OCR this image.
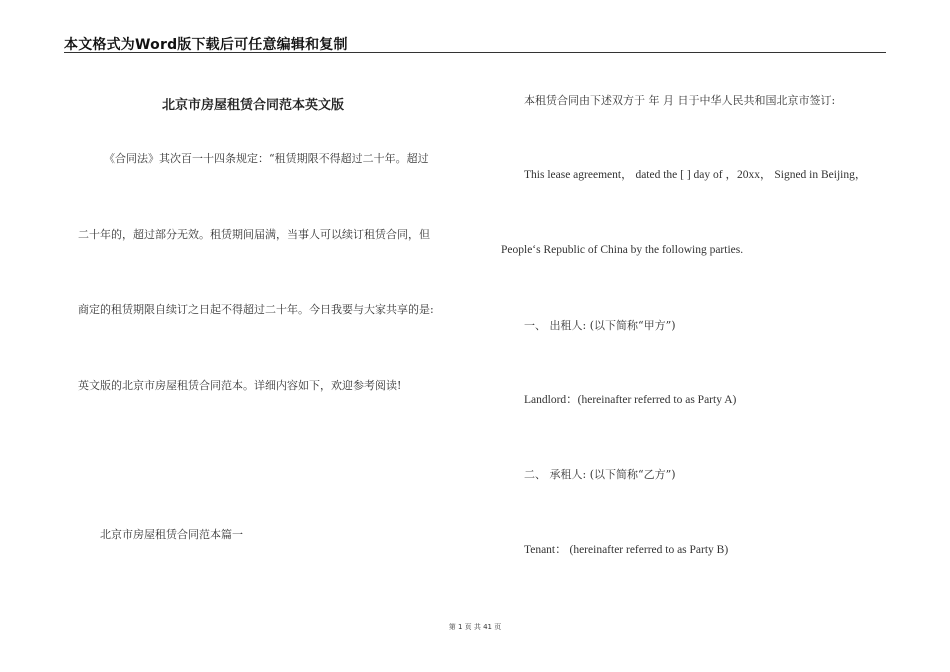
本文格式为Word版下载后可任意编辑和复制
北京市房屋租赁合同范本英文版
《合同法》其次百一十四条规定：“租赁期限不得超过二十年。超过
二十年的，超过部分无效。租赁期间届满，当事人可以续订租赁合同，但
商定的租赁期限自续订之日起不得超过二十年。今日我要与大家共享的是:
英文版的北京市房屋租赁合同范本。详细内容如下，欢迎参考阅读!
北京市房屋租赁合同范本篇一
本租赁合同由下述双方于 年 月 日于中华人民共和国北京市签订:
This lease agreement， dated the [ ] day of ，20xx， Signed in Beijing，
People‘s Republic of China by the following parties.
一、 出租人: (以下简称“甲方”)
Landlord：(hereinafter referred to as Party A)
二、 承租人: (以下简称“乙方”)
Tenant： (hereinafter referred to as Party B)
第 1 页 共 41 页
